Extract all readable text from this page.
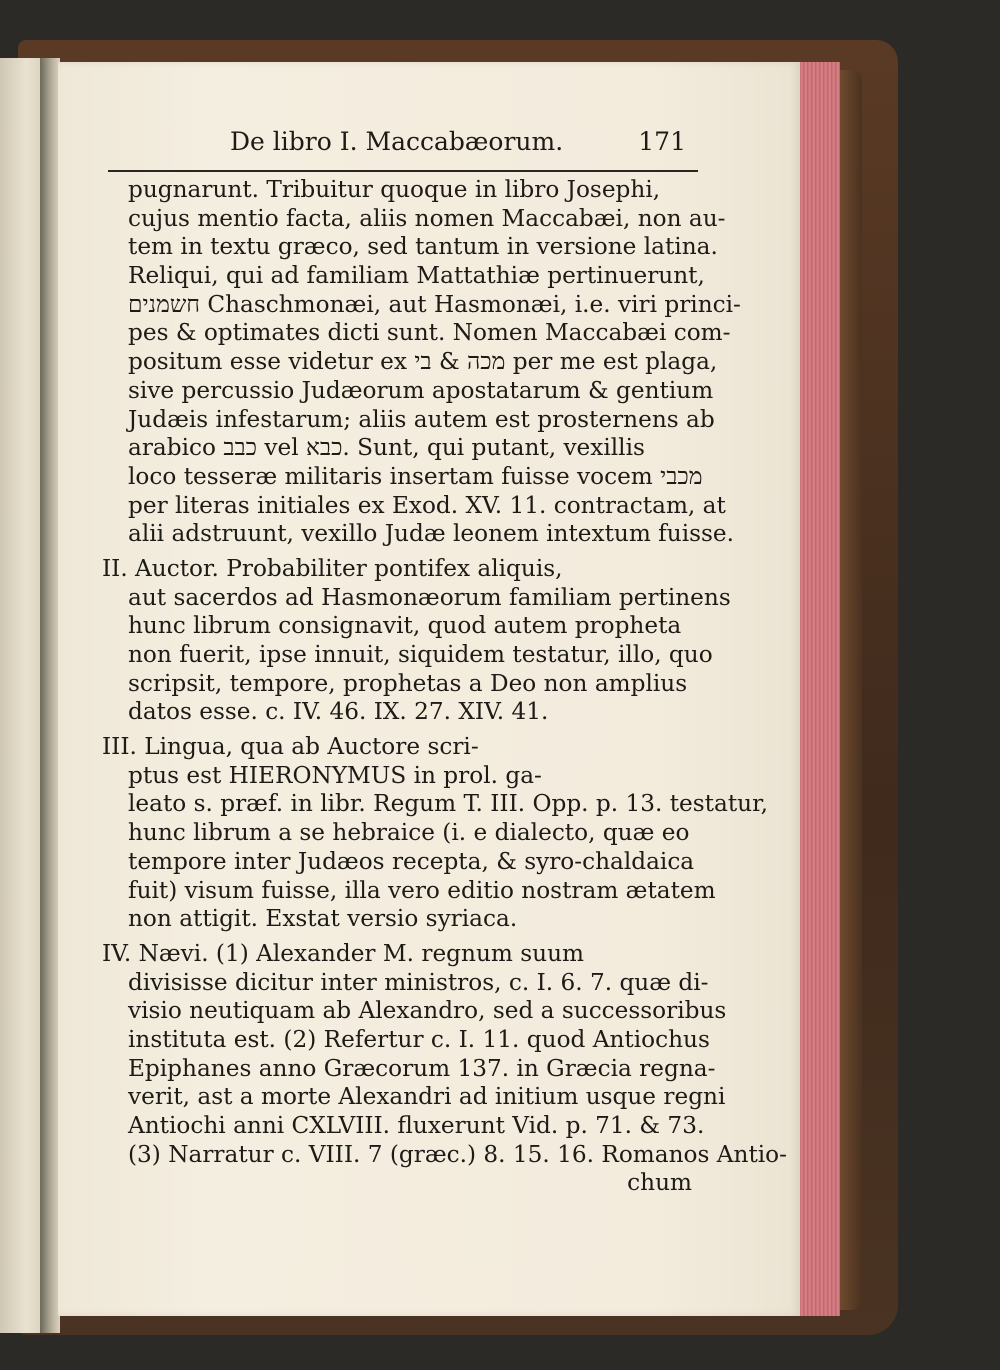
De libro I. Maccabæorum.	171
pugnarunt. Tribuitur quoque in libro Josephi,
cujus mentio facta, aliis nomen Maccabæi, non au-
tem in textu græco, sed tantum in versione latina.
Reliqui, qui ad familiam Mattathiæ pertinuerunt,
חשמנים Chaschmonæi, aut Hasmonæi, i.e. viri princi-
pes & optimates dicti sunt. Nomen Maccabæi com-
positum esse videtur ex מכה & בי per me est plaga,
sive percussio Judæorum apostatarum & gentium
Judæis infestarum; aliis autem est prosternens ab
arabico כבב vel כבא. Sunt, qui putant, vexillis
loco tesseræ militaris insertam fuisse vocem מכבי
per literas initiales ex Exod. XV. 11. contractam, at
alii adstruunt, vexillo Judæ leonem intextum fuisse.
II. Auctor. Probabiliter pontifex aliquis,
aut sacerdos ad Hasmonæorum familiam pertinens
hunc librum consignavit, quod autem propheta
non fuerit, ipse innuit, siquidem testatur, illo, quo
scripsit, tempore, prophetas a Deo non amplius
datos esse. c. IV. 46. IX. 27. XIV. 41.
III. Lingua, qua ab Auctore scri-
ptus est HIERONYMUS in prol. ga-
leato s. præf. in libr. Regum T. III. Opp. p. 13. testatur,
hunc librum a se hebraice (i. e dialecto, quæ eo
tempore inter Judæos recepta, & syro-chaldaica
fuit) visum fuisse, illa vero editio nostram ætatem
non attigit. Exstat versio syriaca.
IV. Nævi. (1) Alexander M. regnum suum
divisisse dicitur inter ministros, c. I. 6. 7. quæ di-
visio neutiquam ab Alexandro, sed a successoribus
instituta est. (2) Refertur c. I. 11. quod Antiochus
Epiphanes anno Græcorum 137. in Græcia regna-
verit, ast a morte Alexandri ad initium usque regni
Antiochi anni CXLVIII. fluxerunt Vid. p. 71. & 73.
(3) Narratur c. VIII. 7 (græc.) 8. 15. 16. Romanos Antio-
chum
